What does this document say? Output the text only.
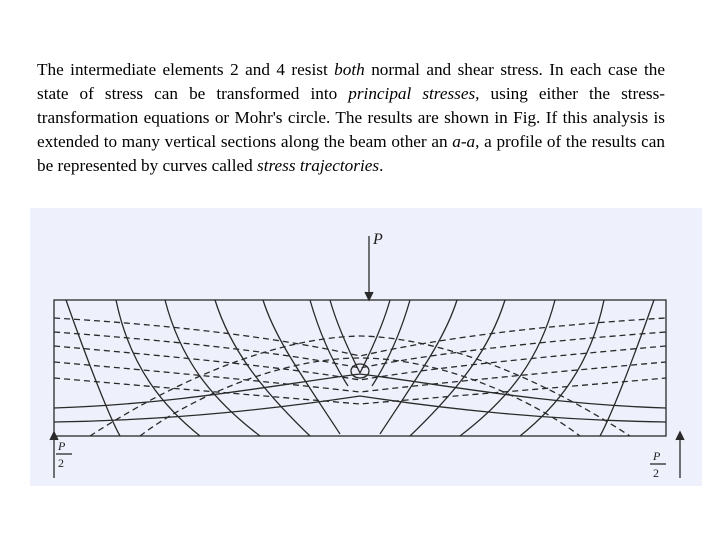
The intermediate elements 2 and 4 resist both normal and shear stress. In each case the state of stress can be transformed into principal stresses, using either the stress-transformation equations or Mohr's circle. The results are shown in Fig. If this analysis is extended to many vertical sections along the beam other an a-a, a profile of the results can be represented by curves called stress trajectories.

P
P
2	P
2
